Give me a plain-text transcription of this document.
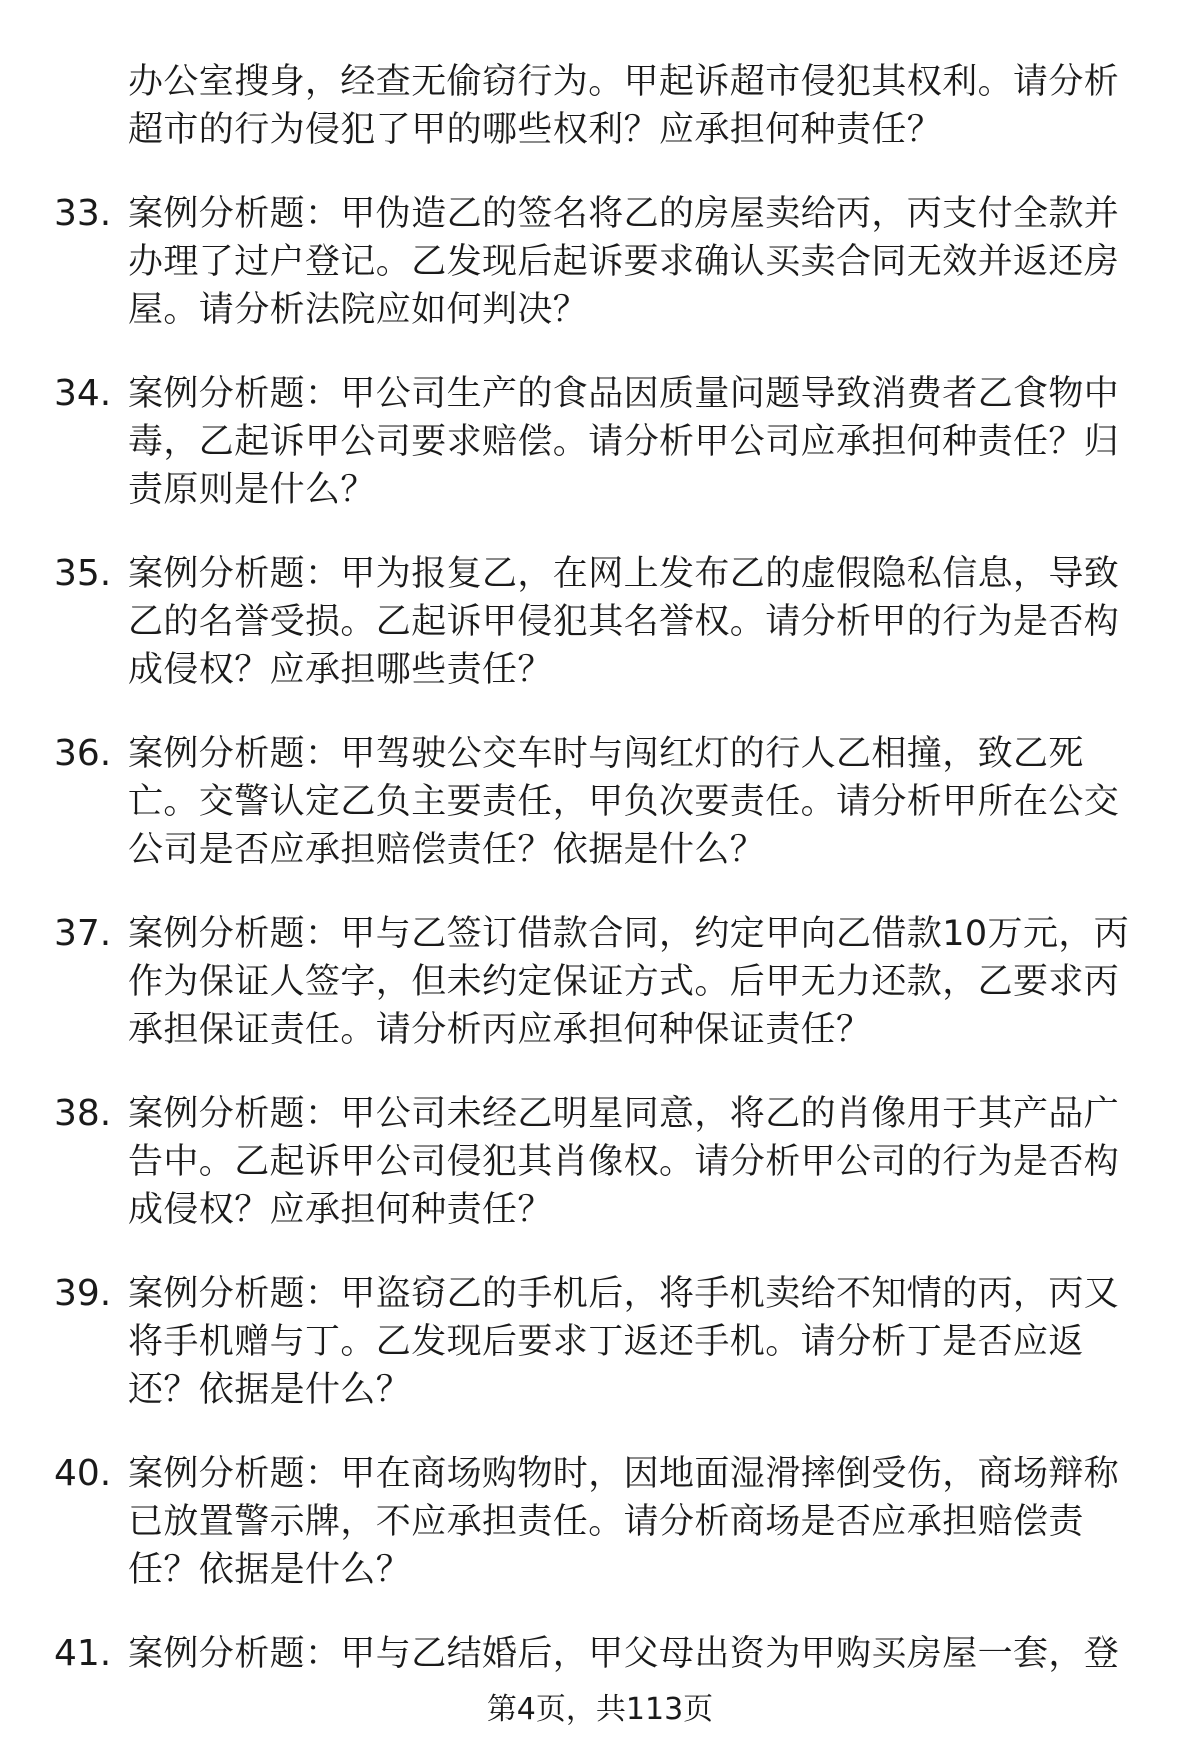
办公室搜身，经查无偷窃行为。甲起诉超市侵犯其权利。请分析
超市的行为侵犯了甲的哪些权利？应承担何种责任？
33. 案例分析题：甲伪造乙的签名将乙的房屋卖给丙，丙支付全款并
办理了过户登记。乙发现后起诉要求确认买卖合同无效并返还房
屋。请分析法院应如何判决？
34. 案例分析题：甲公司生产的食品因质量问题导致消费者乙食物中
毒，乙起诉甲公司要求赔偿。请分析甲公司应承担何种责任？归
责原则是什么？
35. 案例分析题：甲为报复乙，在网上发布乙的虚假隐私信息，导致
乙的名誉受损。乙起诉甲侵犯其名誉权。请分析甲的行为是否构
成侵权？应承担哪些责任？
36. 案例分析题：甲驾驶公交车时与闯红灯的行人乙相撞，致乙死
亡。交警认定乙负主要责任，甲负次要责任。请分析甲所在公交
公司是否应承担赔偿责任？依据是什么？
37. 案例分析题：甲与乙签订借款合同，约定甲向乙借款10万元，丙
作为保证人签字，但未约定保证方式。后甲无力还款，乙要求丙
承担保证责任。请分析丙应承担何种保证责任？
38. 案例分析题：甲公司未经乙明星同意，将乙的肖像用于其产品广
告中。乙起诉甲公司侵犯其肖像权。请分析甲公司的行为是否构
成侵权？应承担何种责任？
39. 案例分析题：甲盗窃乙的手机后，将手机卖给不知情的丙，丙又
将手机赠与丁。乙发现后要求丁返还手机。请分析丁是否应返
还？依据是什么？
40. 案例分析题：甲在商场购物时，因地面湿滑摔倒受伤，商场辩称
已放置警示牌，不应承担责任。请分析商场是否应承担赔偿责
任？依据是什么？
41. 案例分析题：甲与乙结婚后，甲父母出资为甲购买房屋一套，登
第4页，共113页
